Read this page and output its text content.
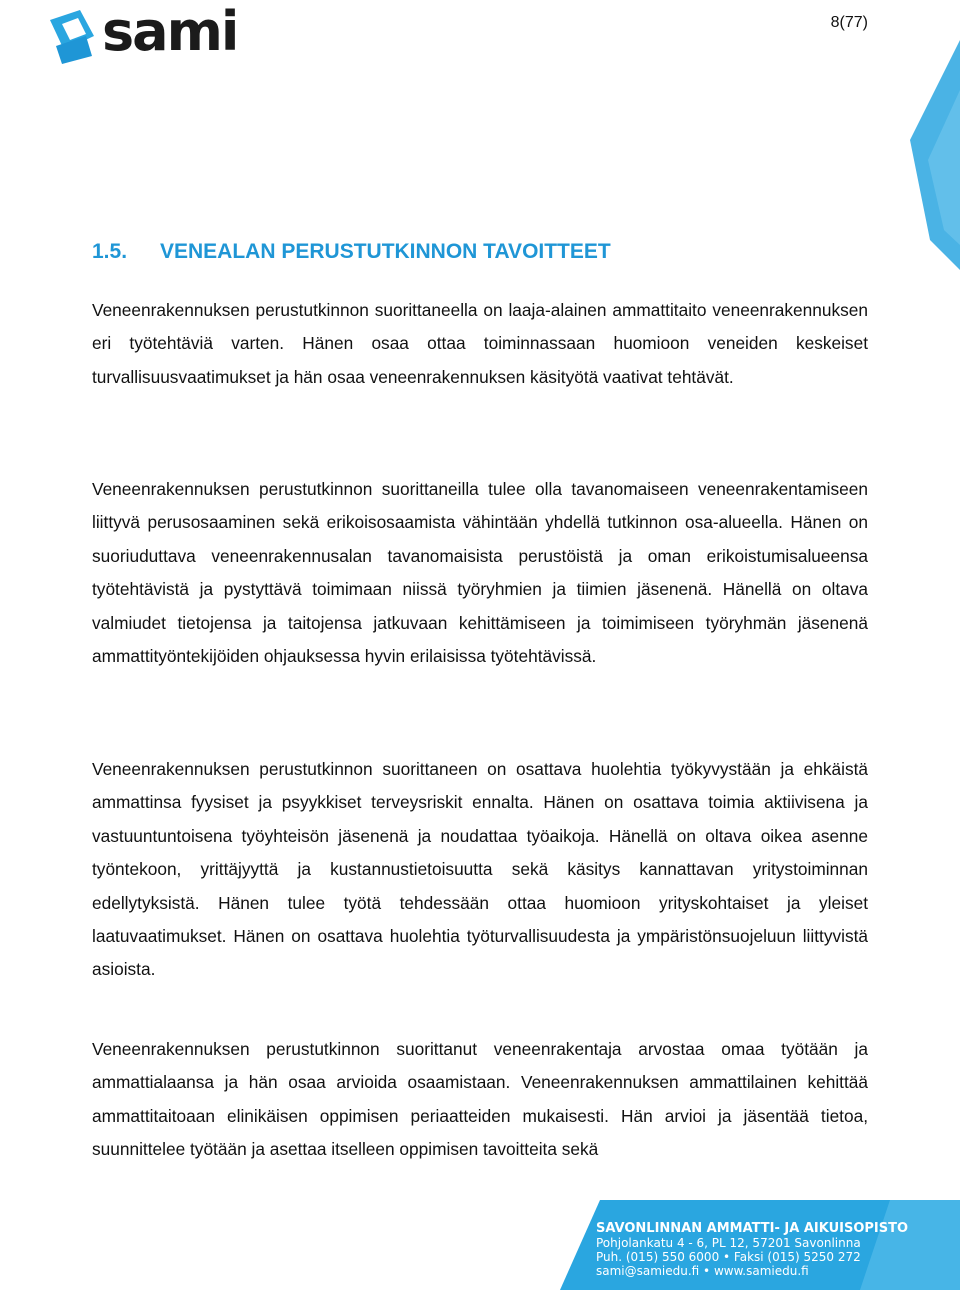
sami	8(77)
1.5. VENEALAN PERUSTUTKINNON TAVOITTEET
Veneenrakennuksen perustutkinnon suorittaneella on laaja-alainen ammattitaito veneenrakennuksen eri työtehtäviä varten. Hänen osaa ottaa toiminnassaan huomioon veneiden keskeiset turvallisuusvaatimukset ja hän osaa veneenrakennuksen käsityötä vaativat tehtävät.
Veneenrakennuksen perustutkinnon suorittaneilla tulee olla tavanomaiseen veneenrakentamiseen liittyvä perusosaaminen sekä erikoisosaamista vähintään yhdellä tutkinnon osa-alueella. Hänen on suoriuduttava veneenrakennusalan tavanomaisista perustöistä ja oman erikoistumisalueensa työtehtävistä ja pystyttävä toimimaan niissä työryhmien ja tiimien jäsenenä. Hänellä on oltava valmiudet tietojensa ja taitojensa jatkuvaan kehittämiseen ja toimimiseen työryhmän jäsenenä ammattityöntekijöiden ohjauksessa hyvin erilaisissa työtehtävissä.
Veneenrakennuksen perustutkinnon suorittaneen on osattava huolehtia työkyvystään ja ehkäistä ammattinsa fyysiset ja psyykkiset terveysriskit ennalta. Hänen on osattava toimia aktiivisena ja vastuuntuntoisena työyhteisön jäsenenä ja noudattaa työaikoja. Hänellä on oltava oikea asenne työntekoon, yrittäjyyttä ja kustannustietoisuutta sekä käsitys kannattavan yritystoiminnan edellytyksistä. Hänen tulee työtä tehdessään ottaa huomioon yrityskohtaiset ja yleiset laatuvaatimukset. Hänen on osattava huolehtia työturvallisuudesta ja ympäristönsuojeluun liittyvistä asioista.
Veneenrakennuksen perustutkinnon suorittanut veneenrakentaja arvostaa omaa työtään ja ammattialaansa ja hän osaa arvioida osaamistaan. Veneenrakennuksen ammattilainen kehittää ammattitaitoaan elinikäisen oppimisen periaatteiden mukaisesti. Hän arvioi ja jäsentää tietoa, suunnittelee työtään ja asettaa itselleen oppimisen tavoitteita sekä
SAVONLINNAN AMMATTI- JA AIKUISOPISTO
Pohjolankatu 4 - 6, PL 12, 57201 Savonlinna
Puh. (015) 550 6000 • Faksi (015) 5250 272
sami@samiedu.fi • www.samiedu.fi
